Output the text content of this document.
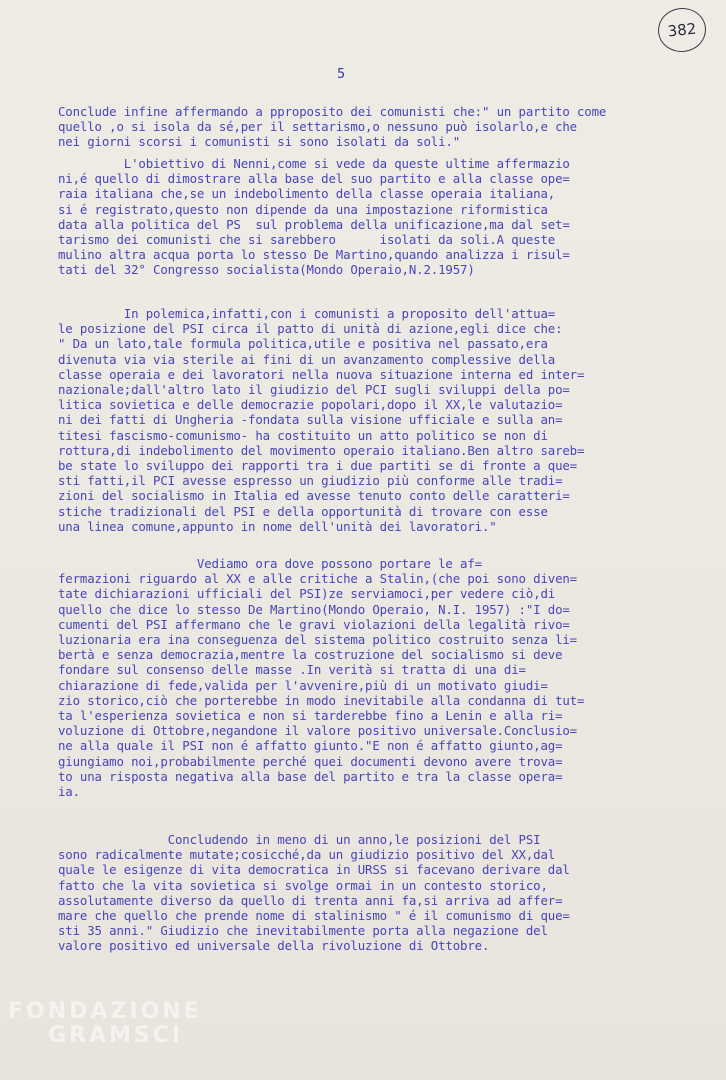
382
5
Conclude infine affermando a pproposito dei comunisti che:" un partito come
quello ,o si isola da sé,per il settarismo,o nessuno può isolarlo,e che
nei giorni scorsi i comunisti si sono isolati da soli."
L'obiettivo di Nenni,come si vede da queste ultime affermazio
ni,é quello di dimostrare alla base del suo partito e alla classe ope=
raia italiana che,se un indebolimento della classe operaia italiana,
si é registrato,questo non dipende da una impostazione riformistica
data alla politica del PS  sul problema della unificazione,ma dal set=
tarismo dei comunisti che si sarebbero      isolati da soli.A queste
mulino altra acqua porta lo stesso De Martino,quando analizza i risul=
tati del 32° Congresso socialista(Mondo Operaio,N.2.1957)
In polemica,infatti,con i comunisti a proposito dell'attua=
le posizione del PSI circa il patto di unità di azione,egli dice che:
" Da un lato,tale formula politica,utile e positiva nel passato,era
divenuta via via sterile ai fini di un avanzamento complessive della
classe operaia e dei lavoratori nella nuova situazione interna ed inter=
nazionale;dall'altro lato il giudizio del PCI sugli sviluppi della po=
litica sovietica e delle democrazie popolari,dopo il XX,le valutazio=
ni dei fatti di Ungheria -fondata sulla visione ufficiale e sulla an=
titesi fascismo-comunismo- ha costituito un atto politico se non di
rottura,di indebolimento del movimento operaio italiano.Ben altro sareb=
be state lo sviluppo dei rapporti tra i due partiti se di fronte a que=
sti fatti,il PCI avesse espresso un giudizio più conforme alle tradi=
zioni del socialismo in Italia ed avesse tenuto conto delle caratteri=
stiche tradizionali del PSI e della opportunità di trovare con esse
una linea comune,appunto in nome dell'unità dei lavoratori."
Vediamo ora dove possono portare le af=
fermazioni riguardo al XX e alle critiche a Stalin,(che poi sono diven=
tate dichiarazioni ufficiali del PSI)ze serviamoci,per vedere ciò,di
quello che dice lo stesso De Martino(Mondo Operaio, N.I. 1957) :"I do=
cumenti del PSI affermano che le gravi violazioni della legalità rivo=
luzionaria era ina conseguenza del sistema politico costruito senza li=
bertà e senza democrazia,mentre la costruzione del socialismo si deve
fondare sul consenso delle masse .In verità si tratta di una di=
chiarazione di fede,valida per l'avvenire,più di un motivato giudi=
zio storico,ciò che porterebbe in modo inevitabile alla condanna di tut=
ta l'esperienza sovietica e non si tarderebbe fino a Lenin e alla ri=
voluzione di Ottobre,negandone il valore positivo universale.Conclusio=
ne alla quale il PSI non é affatto giunto."E non é affatto giunto,ag=
giungiamo noi,probabilmente perché quei documenti devono avere trova=
to una risposta negativa alla base del partito e tra la classe opera=
ia.
Concludendo in meno di un anno,le posizioni del PSI
sono radicalmente mutate;cosicché,da un giudizio positivo del XX,dal
quale le esigenze di vita democratica in URSS si facevano derivare dal
fatto che la vita sovietica si svolge ormai in un contesto storico,
assolutamente diverso da quello di trenta anni fa,si arriva ad affer=
mare che quello che prende nome di stalinismo " é il comunismo di que=
sti 35 anni." Giudizio che inevitabilmente porta alla negazione del
valore positivo ed universale della rivoluzione di Ottobre.
FONDAZIONE
GRAMSCI
